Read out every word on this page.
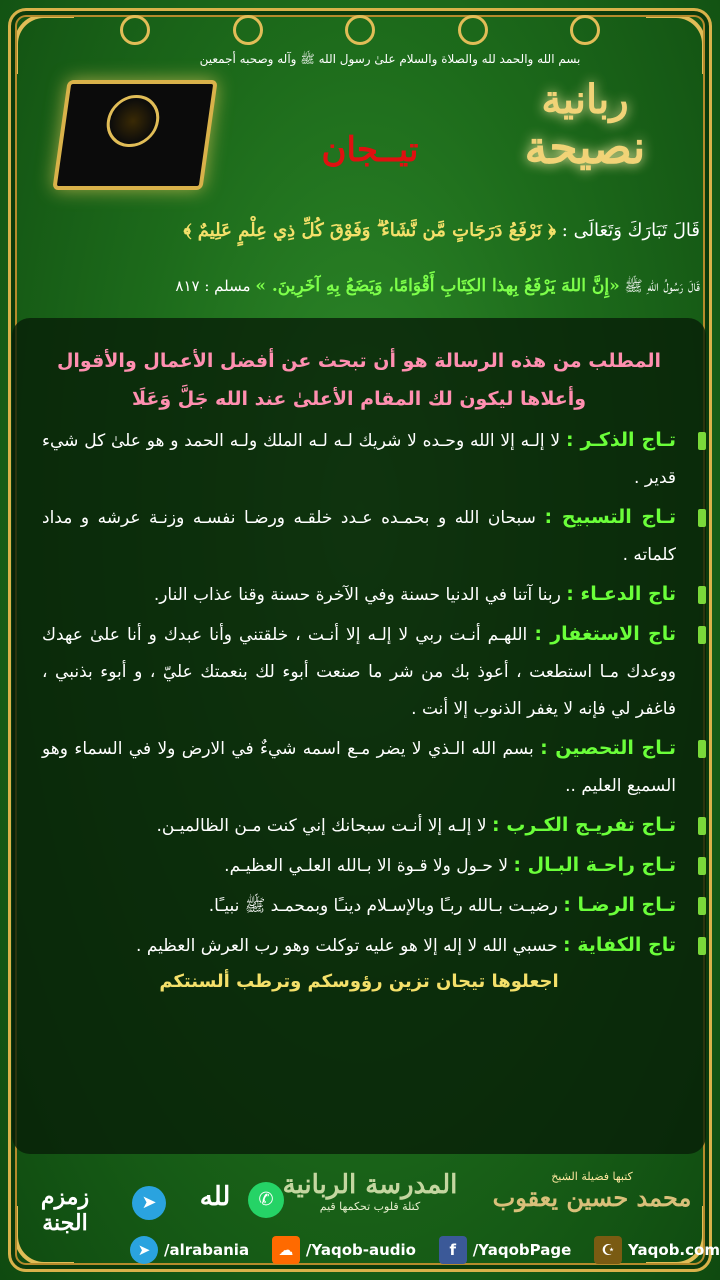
بسم الله والحمد لله والصلاة والسلام علىٰ رسول الله ﷺ وآله وصحبه أجمعين
تيــجان
ربانية
نصيحة
قَالَ تَبَارَكَ وَتَعَالَى : ﴿ نَرْفَعُ دَرَجَاتٍ مَّن نَّشَاءُ ۗ وَفَوْقَ كُلِّ ذِي عِلْمٍ عَلِيمٌ ﴾
قَالَ رَسُولُ اللهِ ﷺ «إِنَّ اللهَ يَرْفَعُ بِهذا الكِتَابِ أَقْوَامًا، وَيَضَعُ بِهِ آخَرِينَ. » مسلم : ٨١٧
المطلب من هذه الرسالة هو أن تبحث عن أفضل الأعمال والأقوال
وأعلاها ليكون لك المقام الأعلىٰ عند الله جَلَّ وَعَلَا
تـاج الذكـر : لا إلـه إلا الله وحـده لا شريك لـه لـه الملك ولـه الحمد و هو علىٰ كل شيء قدير .
تـاج التسبيح : سبحان الله و بحمـده عـدد خلقـه ورضـا نفسـه وزنـة عرشه و مداد كلماته .
تاج الدعـاء : ربنا آتنا في الدنيا حسنة وفي الآخرة حسنة وقنا عذاب النار.
تاج الاستغفار : اللهـم أنـت ربي لا إلـه إلا أنـت ، خلقتني وأنا عبدك و أنا علىٰ عهدك ووعدك مـا استطعت ، أعوذ بك من شر ما صنعت أبوء لك بنعمتك عليّ ، و أبوء بذنبي ، فاغفر لي فإنه لا يغفر الذنوب إلا أنت .
تـاج التحصين : بسم الله الـذي لا يضر مـع اسمه شيءٌ في الارض ولا في السماء وهو السميع العليم ..
تـاج تفريـج الكـرب : لا إلـه إلا أنـت سبحانك إني كنت مـن الظالميـن.
تـاج راحـة البـال : لا حـول ولا قـوة الا بـالله العلـي العظيـم.
تـاج الرضـا : رضيـت بـالله ربـًا وبالإسـلام دينـًا وبمحمـد ﷺ نبيـًا.
تاج الكفاية : حسبي الله لا إله إلا هو عليه توكلت وهو رب العرش العظيم .
اجعلوها تيجان تزين رؤوسكم وترطب ألسنتكم
كتبها فضيلة الشيخ
محمد حسين يعقوب
المدرسة الربانية
كتلة قلوب تحكمها قيم
✆
لله
➤
زمزم الجنة
☪ Yaqob.com
f	/YaqobPage
☁ /Yaqob-audio
➤ /alrabania
